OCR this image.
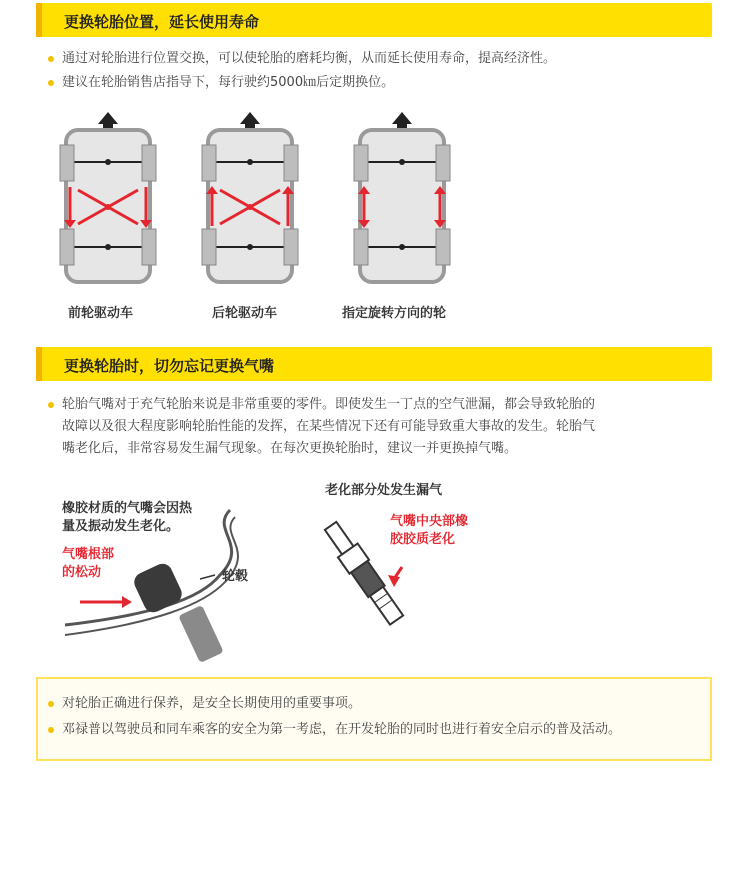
更换轮胎位置，延长使用寿命
通过对轮胎进行位置交换，可以使轮胎的磨耗均衡，从而延长使用寿命，提高经济性。
建议在轮胎销售店指导下，每行驶约5000㎞后定期换位。
前轮驱动车	后轮驱动车	指定旋转方向的轮
更换轮胎时，切勿忘记更换气嘴
轮胎气嘴对于充气轮胎来说是非常重要的零件。即使发生一丁点的空气泄漏，都会导致轮胎的
故障以及很大程度影响轮胎性能的发挥，在某些情况下还有可能导致重大事故的发生。轮胎气
嘴老化后，非常容易发生漏气现象。在每次更换轮胎时，建议一并更换掉气嘴。
橡胶材质的气嘴会因热
量及振动发生老化。
气嘴根部
的松动	轮毂
老化部分处发生漏气
气嘴中央部橡
胶胶质老化
对轮胎正确进行保养，是安全长期使用的重要事项。
邓禄普以驾驶员和同车乘客的安全为第一考虑，在开发轮胎的同时也进行着安全启示的普及活动。
